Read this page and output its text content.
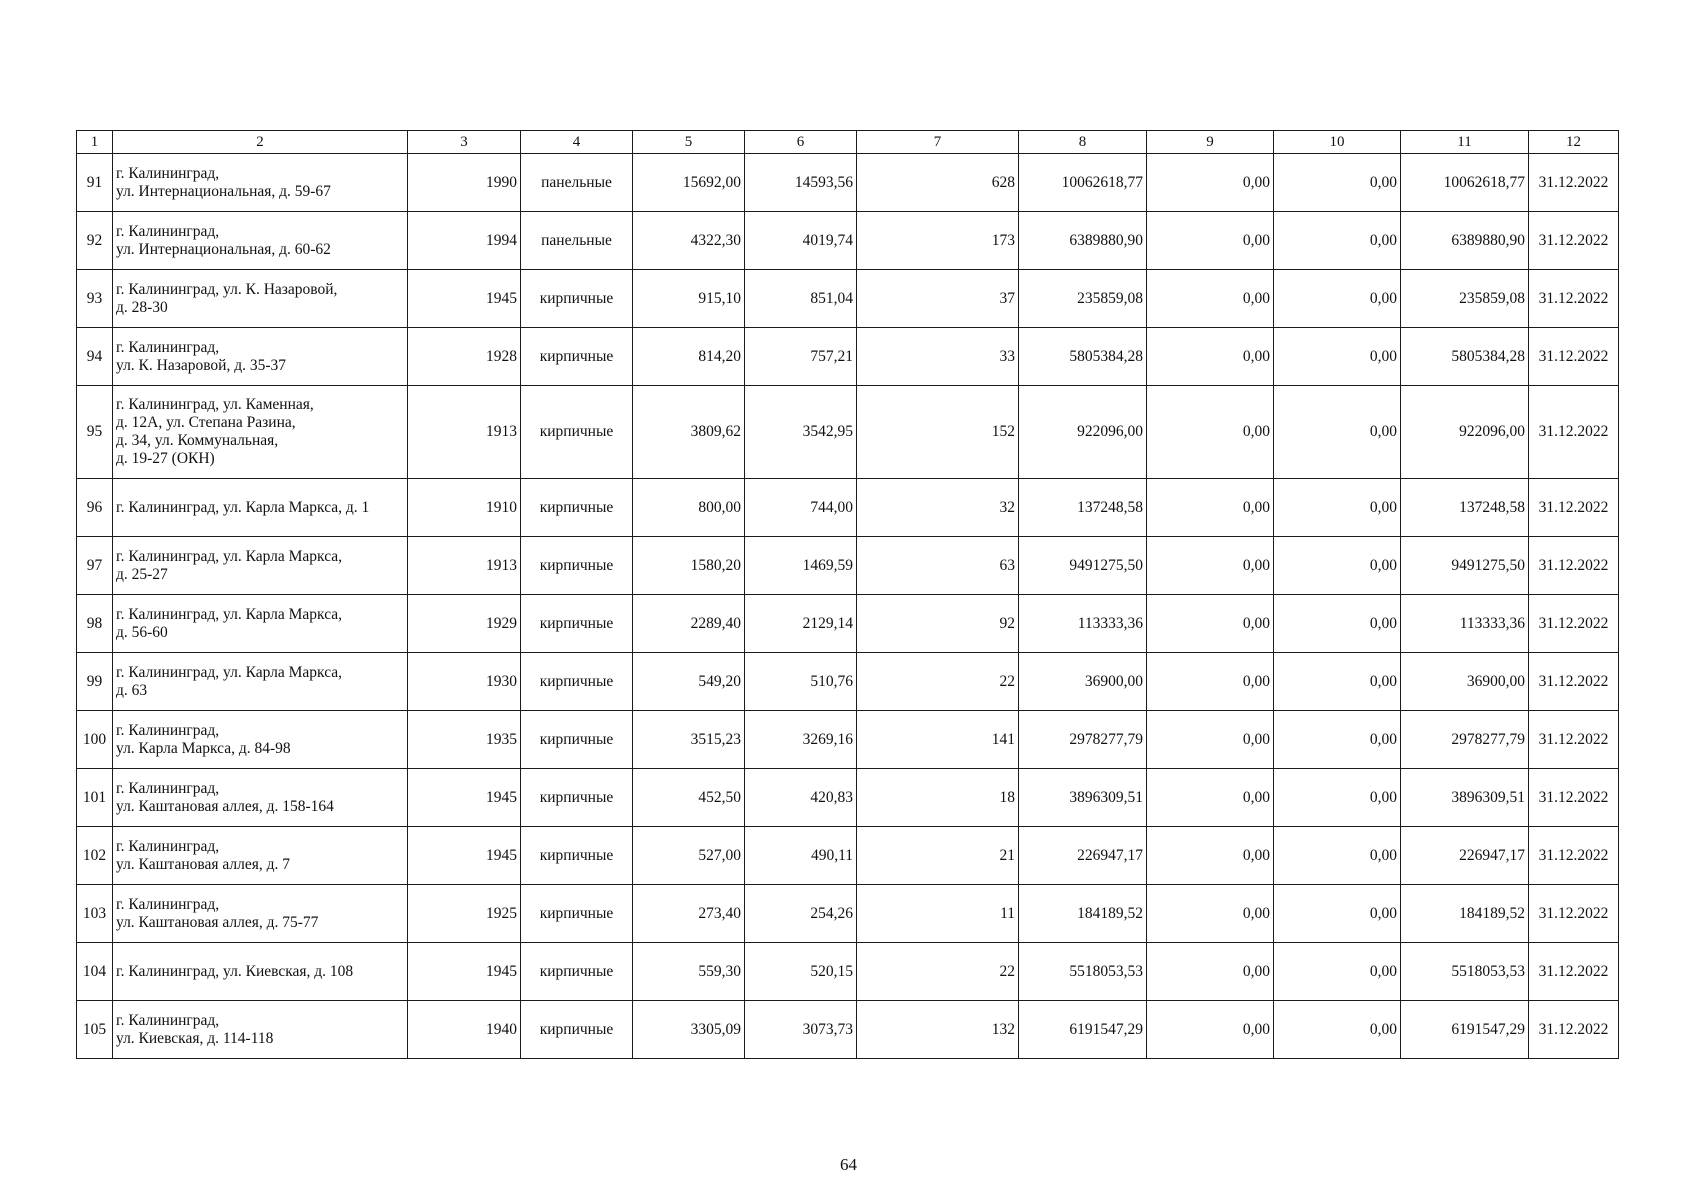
1	2	3	4	5	6	7	8	9	10	11	12
91	г. Калининград,
ул. Интернациональная, д. 59-67	1990	панельные	15692,00	14593,56	628	10062618,77	0,00	0,00	10062618,77	31.12.2022
92	г. Калининград,
ул. Интернациональная, д. 60-62	1994	панельные	4322,30	4019,74	173	6389880,90	0,00	0,00	6389880,90	31.12.2022
93	г. Калининград, ул. К. Назаровой,
д. 28-30	1945	кирпичные	915,10	851,04	37	235859,08	0,00	0,00	235859,08	31.12.2022
94	г. Калининград,
ул. К. Назаровой, д. 35-37	1928	кирпичные	814,20	757,21	33	5805384,28	0,00	0,00	5805384,28	31.12.2022
95	г. Калининград, ул. Каменная,
д. 12А, ул. Степана Разина,
д. 34, ул. Коммунальная,
д. 19-27 (ОКН)	1913	кирпичные	3809,62	3542,95	152	922096,00	0,00	0,00	922096,00	31.12.2022
96	г. Калининград, ул. Карла Маркса, д. 1	1910	кирпичные	800,00	744,00	32	137248,58	0,00	0,00	137248,58	31.12.2022
97	г. Калининград, ул. Карла Маркса,
д. 25-27	1913	кирпичные	1580,20	1469,59	63	9491275,50	0,00	0,00	9491275,50	31.12.2022
98	г. Калининград, ул. Карла Маркса,
д. 56-60	1929	кирпичные	2289,40	2129,14	92	113333,36	0,00	0,00	113333,36	31.12.2022
99	г. Калининград, ул. Карла Маркса,
д. 63	1930	кирпичные	549,20	510,76	22	36900,00	0,00	0,00	36900,00	31.12.2022
100	г. Калининград,
ул. Карла Маркса, д. 84-98	1935	кирпичные	3515,23	3269,16	141	2978277,79	0,00	0,00	2978277,79	31.12.2022
101	г. Калининград,
ул. Каштановая аллея, д. 158-164	1945	кирпичные	452,50	420,83	18	3896309,51	0,00	0,00	3896309,51	31.12.2022
102	г. Калининград,
ул. Каштановая аллея, д. 7	1945	кирпичные	527,00	490,11	21	226947,17	0,00	0,00	226947,17	31.12.2022
103	г. Калининград,
ул. Каштановая аллея, д. 75-77	1925	кирпичные	273,40	254,26	11	184189,52	0,00	0,00	184189,52	31.12.2022
104	г. Калининград, ул. Киевская, д. 108	1945	кирпичные	559,30	520,15	22	5518053,53	0,00	0,00	5518053,53	31.12.2022
105	г. Калининград,
ул. Киевская, д. 114-118	1940	кирпичные	3305,09	3073,73	132	6191547,29	0,00	0,00	6191547,29	31.12.2022
64
